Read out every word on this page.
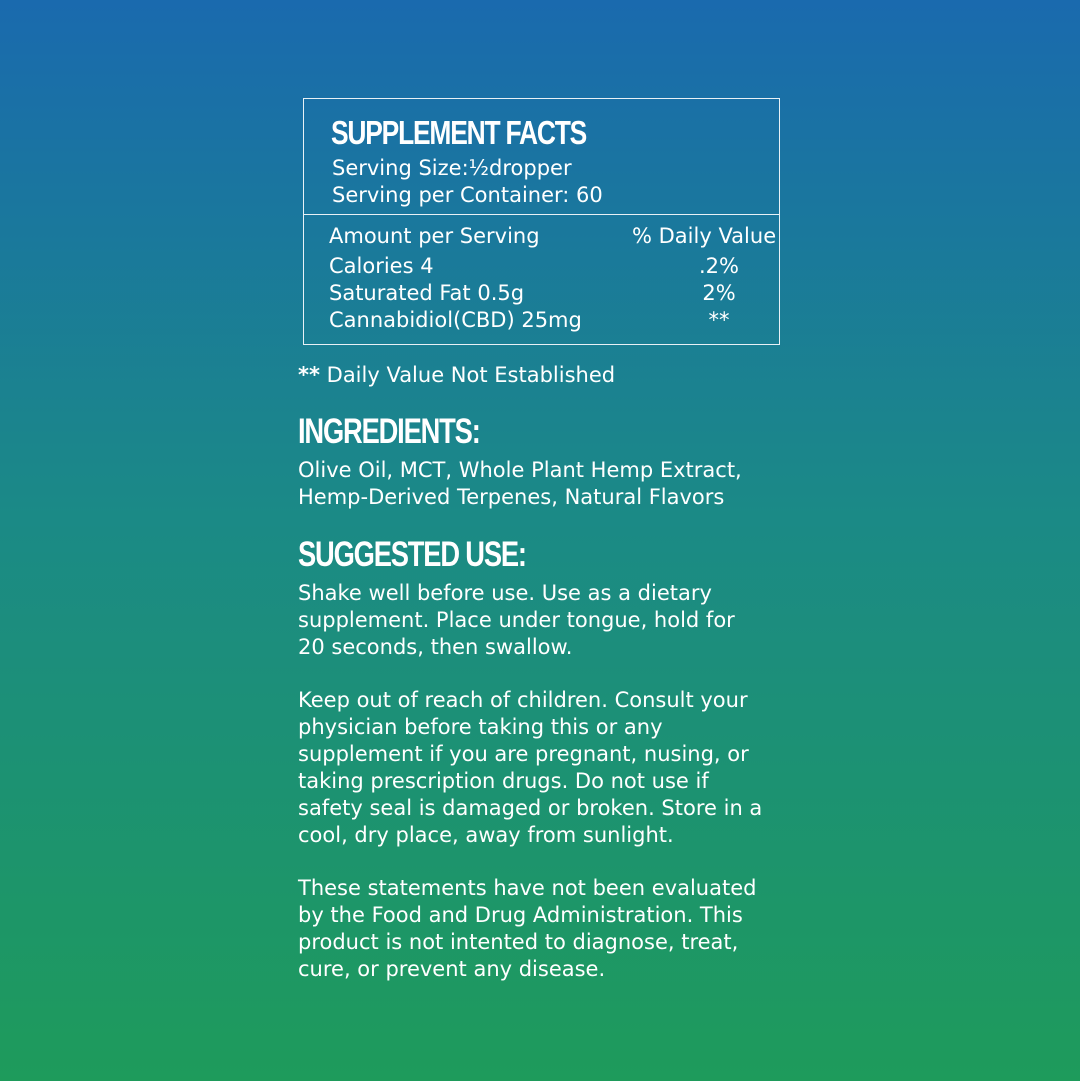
SUPPLEMENT FACTS
Serving Size:½dropper
Serving per Container: 60
Amount per Serving	% Daily Value
Calories 4	.2%
Saturated Fat 0.5g	2%
Cannabidiol(CBD) 25mg	**
** Daily Value Not Established
INGREDIENTS:
Olive Oil, MCT, Whole Plant Hemp Extract,
Hemp-Derived Terpenes, Natural Flavors
SUGGESTED USE:
Shake well before use. Use as a dietary
supplement. Place under tongue, hold for
20 seconds, then swallow.
Keep out of reach of children. Consult your
physician before taking this or any
supplement if you are pregnant, nusing, or
taking prescription drugs. Do not use if
safety seal is damaged or broken. Store in a
cool, dry place, away from sunlight.
These statements have not been evaluated
by the Food and Drug Administration. This
product is not intented to diagnose, treat,
cure, or prevent any disease.
